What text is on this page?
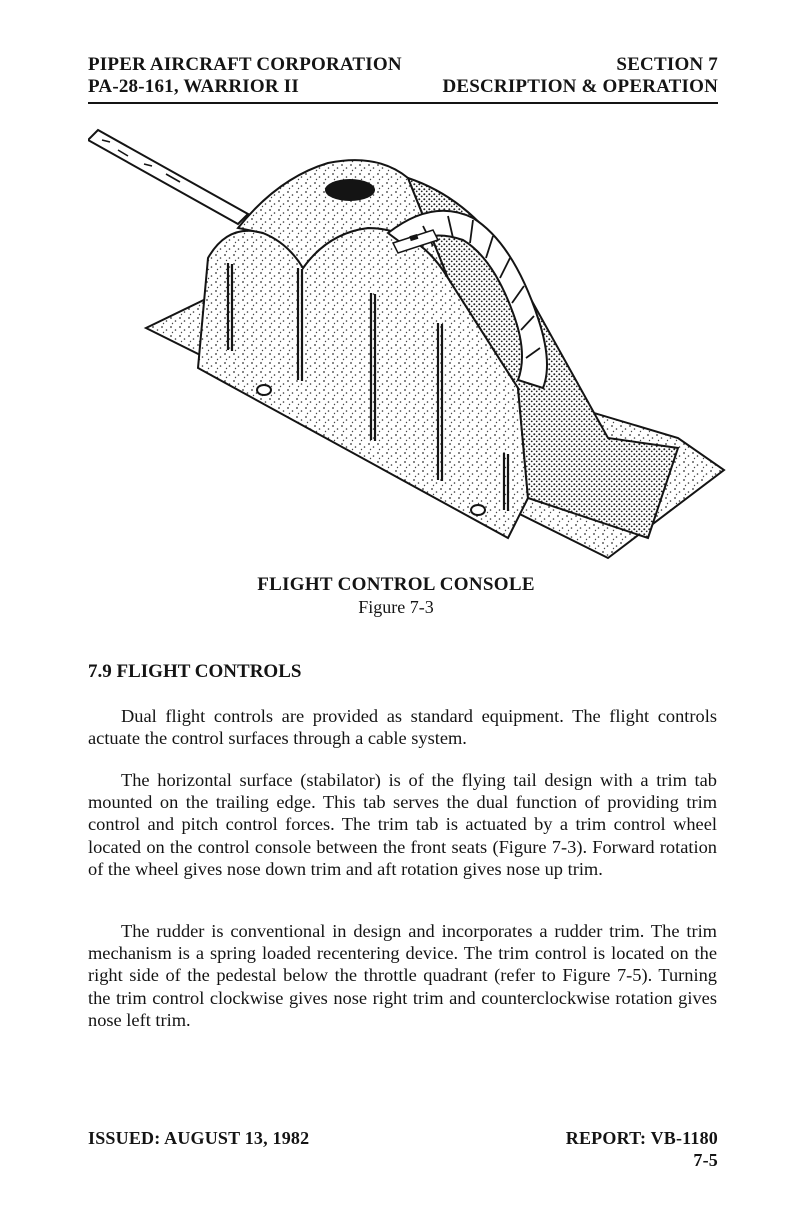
PIPER AIRCRAFT CORPORATION
PA-28-161, WARRIOR II
SECTION 7
DESCRIPTION & OPERATION
FLIGHT CONTROL CONSOLE
Figure 7-3
7.9 FLIGHT CONTROLS

Dual flight controls are provided as standard equipment. The flight controls actuate the control surfaces through a cable system.

The horizontal surface (stabilator) is of the flying tail design with a trim tab mounted on the trailing edge. This tab serves the dual function of providing trim control and pitch control forces. The trim tab is actuated by a trim control wheel located on the control console between the front seats (Figure 7-3). Forward rotation of the wheel gives nose down trim and aft rotation gives nose up trim.

The rudder is conventional in design and incorporates a rudder trim. The trim mechanism is a spring loaded recentering device. The trim control is located on the right side of the pedestal below the throttle quadrant (refer to Figure 7-5). Turning the trim control clockwise gives nose right trim and counterclockwise rotation gives nose left trim.

ISSUED: AUGUST 13, 1982	REPORT: VB-1180
7-5
